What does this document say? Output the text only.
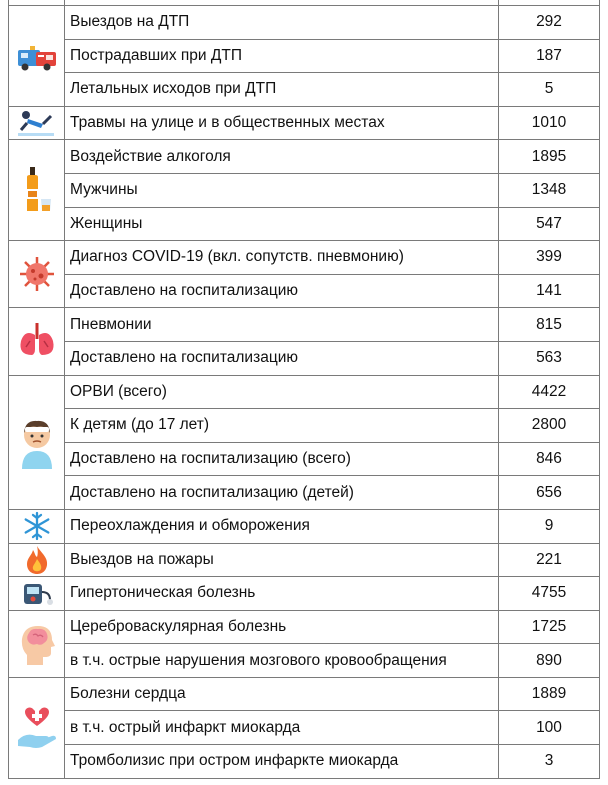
	Выездов на ДТП	292
	Пострадавших при ДТП	187
	Летальных исходов при ДТП	5

	Травмы на улице и в общественных местах	1010

	Воздействие алкоголя	1895
	Мужчины	1348
	Женщины	547

	Диагноз COVID-19 (вкл. сопутств. пневмонию)	399
	Доставлено на госпитализацию	141

	Пневмонии	815
	Доставлено на госпитализацию	563

	ОРВИ (всего)	4422
	К детям (до 17 лет)	2800
	Доставлено на госпитализацию (всего)	846
	Доставлено на госпитализацию (детей)	656

	Переохлаждения и обморожения	9

	Выездов на пожары	221

	Гипертоническая болезнь	4755

	Цереброваскулярная болезнь	1725
	в т.ч. острые нарушения мозгового кровообращения	890

	Болезни сердца	1889
	в т.ч. острый инфаркт миокарда	100
	Тромболизис при остром инфаркте миокарда	3
